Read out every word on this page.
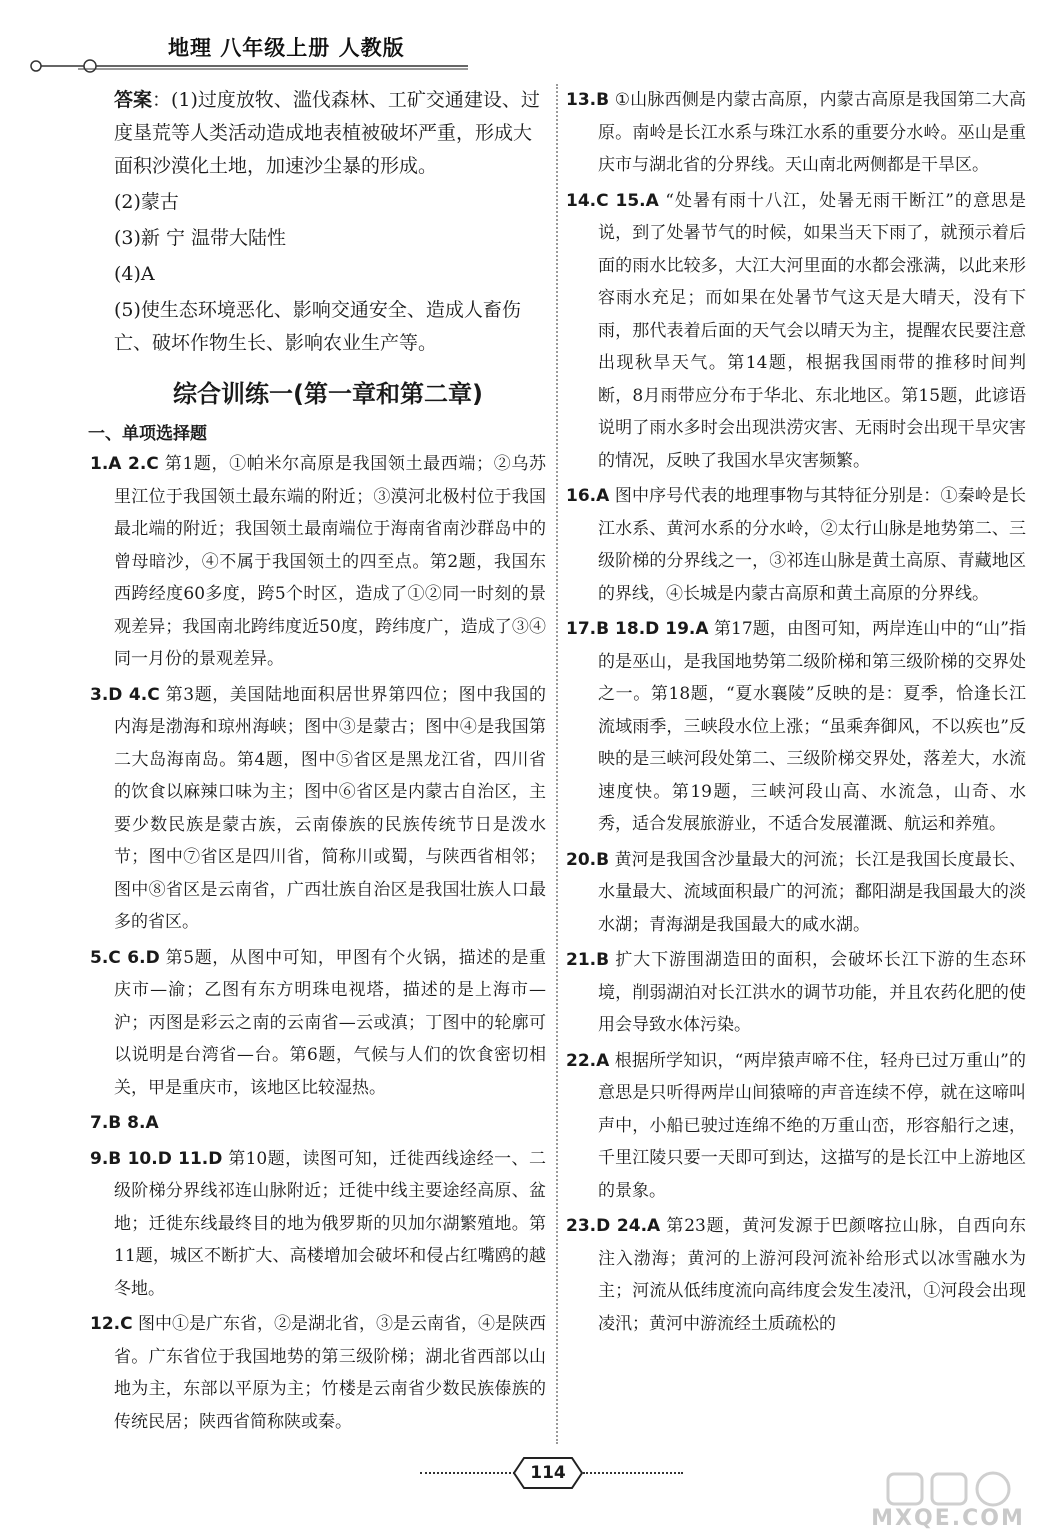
地理 八年级上册 人教版

答案：(1)过度放牧、滥伐森林、工矿交通建设、过度垦荒等人类活动造成地表植被破坏严重，形成大面积沙漠化土地，加速沙尘暴的形成。

(2)蒙古

(3)新 宁 温带大陆性

(4)A

(5)使生态环境恶化、影响交通安全、造成人畜伤亡、破坏作物生长、影响农业生产等。

综合训练一(第一章和第二章)

一、单项选择题

1.A 2.C 第1题，①帕米尔高原是我国领土最西端；②乌苏里江位于我国领土最东端的附近；③漠河北极村位于我国最北端的附近；我国领土最南端位于海南省南沙群岛中的曾母暗沙，④不属于我国领土的四至点。第2题，我国东西跨经度60多度，跨5个时区，造成了①②同一时刻的景观差异；我国南北跨纬度近50度，跨纬度广，造成了③④同一月份的景观差异。

3.D 4.C 第3题，美国陆地面积居世界第四位；图中我国的内海是渤海和琼州海峡；图中③是蒙古；图中④是我国第二大岛海南岛。第4题，图中⑤省区是黑龙江省，四川省的饮食以麻辣口味为主；图中⑥省区是内蒙古自治区，主要少数民族是蒙古族，云南傣族的民族传统节日是泼水节；图中⑦省区是四川省，简称川或蜀，与陕西省相邻；图中⑧省区是云南省，广西壮族自治区是我国壮族人口最多的省区。

5.C 6.D 第5题，从图中可知，甲图有个火锅，描述的是重庆市—渝；乙图有东方明珠电视塔，描述的是上海市—沪；丙图是彩云之南的云南省—云或滇；丁图中的轮廓可以说明是台湾省—台。第6题，气候与人们的饮食密切相关，甲是重庆市，该地区比较湿热。

7.B 8.A

9.B 10.D 11.D 第10题，读图可知，迁徙西线途经一、二级阶梯分界线祁连山脉附近；迁徙中线主要途经高原、盆地；迁徙东线最终目的地为俄罗斯的贝加尔湖繁殖地。第11题，城区不断扩大、高楼增加会破坏和侵占红嘴鸥的越冬地。

12.C 图中①是广东省，②是湖北省，③是云南省，④是陕西省。广东省位于我国地势的第三级阶梯；湖北省西部以山地为主，东部以平原为主；竹楼是云南省少数民族傣族的传统民居；陕西省简称陕或秦。

13.B ①山脉西侧是内蒙古高原，内蒙古高原是我国第二大高原。南岭是长江水系与珠江水系的重要分水岭。巫山是重庆市与湖北省的分界线。天山南北两侧都是干旱区。

14.C 15.A “处暑有雨十八江，处暑无雨干断江”的意思是说，到了处暑节气的时候，如果当天下雨了，就预示着后面的雨水比较多，大江大河里面的水都会涨满，以此来形容雨水充足；而如果在处暑节气这天是大晴天，没有下雨，那代表着后面的天气会以晴天为主，提醒农民要注意出现秋旱天气。第14题，根据我国雨带的推移时间判断，8月雨带应分布于华北、东北地区。第15题，此谚语说明了雨水多时会出现洪涝灾害、无雨时会出现干旱灾害的情况，反映了我国水旱灾害频繁。

16.A 图中序号代表的地理事物与其特征分别是：①秦岭是长江水系、黄河水系的分水岭，②太行山脉是地势第二、三级阶梯的分界线之一，③祁连山脉是黄土高原、青藏地区的界线，④长城是内蒙古高原和黄土高原的分界线。

17.B 18.D 19.A 第17题，由图可知，两岸连山中的“山”指的是巫山，是我国地势第二级阶梯和第三级阶梯的交界处之一。第18题，“夏水襄陵”反映的是：夏季，恰逢长江流域雨季，三峡段水位上涨；“虽乘奔御风，不以疾也”反映的是三峡河段处第二、三级阶梯交界处，落差大，水流速度快。第19题，三峡河段山高、水流急，山奇、水秀，适合发展旅游业，不适合发展灌溉、航运和养殖。

20.B 黄河是我国含沙量最大的河流；长江是我国长度最长、水量最大、流域面积最广的河流；鄱阳湖是我国最大的淡水湖；青海湖是我国最大的咸水湖。

21.B 扩大下游围湖造田的面积，会破坏长江下游的生态环境，削弱湖泊对长江洪水的调节功能，并且农药化肥的使用会导致水体污染。

22.A 根据所学知识，“两岸猿声啼不住，轻舟已过万重山”的意思是只听得两岸山间猿啼的声音连续不停，就在这啼叫声中，小船已驶过连绵不绝的万重山峦，形容船行之速，千里江陵只要一天即可到达，这描写的是长江中上游地区的景象。

23.D 24.A 第23题，黄河发源于巴颜喀拉山脉，自西向东注入渤海；黄河的上游河段河流补给形式以冰雪融水为主；河流从低纬度流向高纬度会发生凌汛，①河段会出现凌汛；黄河中游流经土质疏松的

114
MXQE.COM
